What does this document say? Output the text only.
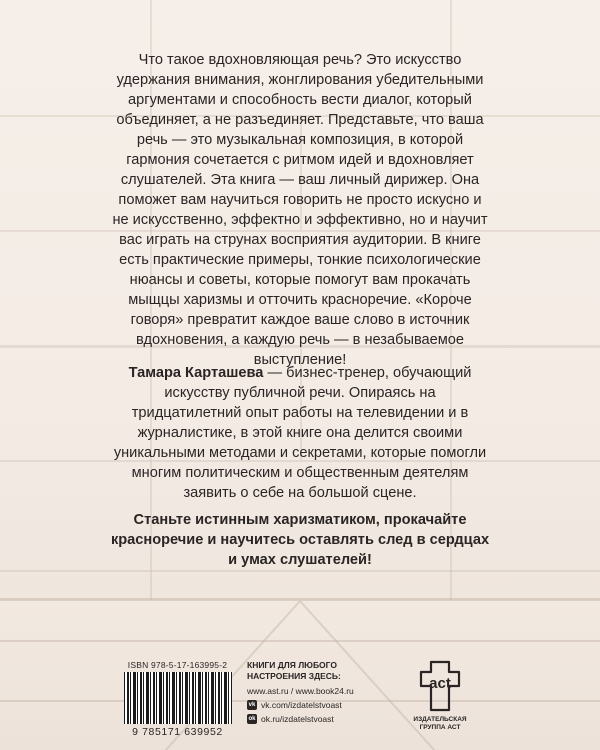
Что такое вдохновляющая речь? Это искусство удержания внимания, жонглирования убедительными аргументами и способность вести диалог, который объединяет, а не разъединяет. Представьте, что ваша речь — это музыкальная композиция, в которой гармония сочетается с ритмом идей и вдохновляет слушателей. Эта книга — ваш личный дирижер. Она поможет вам научиться говорить не просто искусно и не искусственно, эффектно и эффективно, но и научит вас играть на струнах восприятия аудитории. В книге есть практические примеры, тонкие психологические нюансы и советы, которые помогут вам прокачать мыщцы харизмы и отточить красноречие. «Короче говоря» превратит каждое ваше слово в источник вдохновения, а каждую речь — в незабываемое выступление!

Тамара Карташева — бизнес-тренер, обучающий искусству публичной речи. Опираясь на тридцатилетний опыт работы на телевидении и в журналистике, в этой книге она делится своими уникальными методами и секретами, которые помогли многим политическим и общественным деятелям заявить о себе на большой сцене.

Станьте истинным харизматиком, прокачайте красноречие и научитесь оставлять след в сердцах и умах слушателей!

ISBN 978-5-17-163995-2
9 785171 639952
КНИГИ ДЛЯ ЛЮБОГО
НАСТРОЕНИЯ ЗДЕСЬ:
www.ast.ru / www.book24.ru
vk vk.com/izdatelstvoast
ok ok.ru/izdatelstvoast
act
ИЗДАТЕЛЬСКАЯ
ГРУППА АСТ
